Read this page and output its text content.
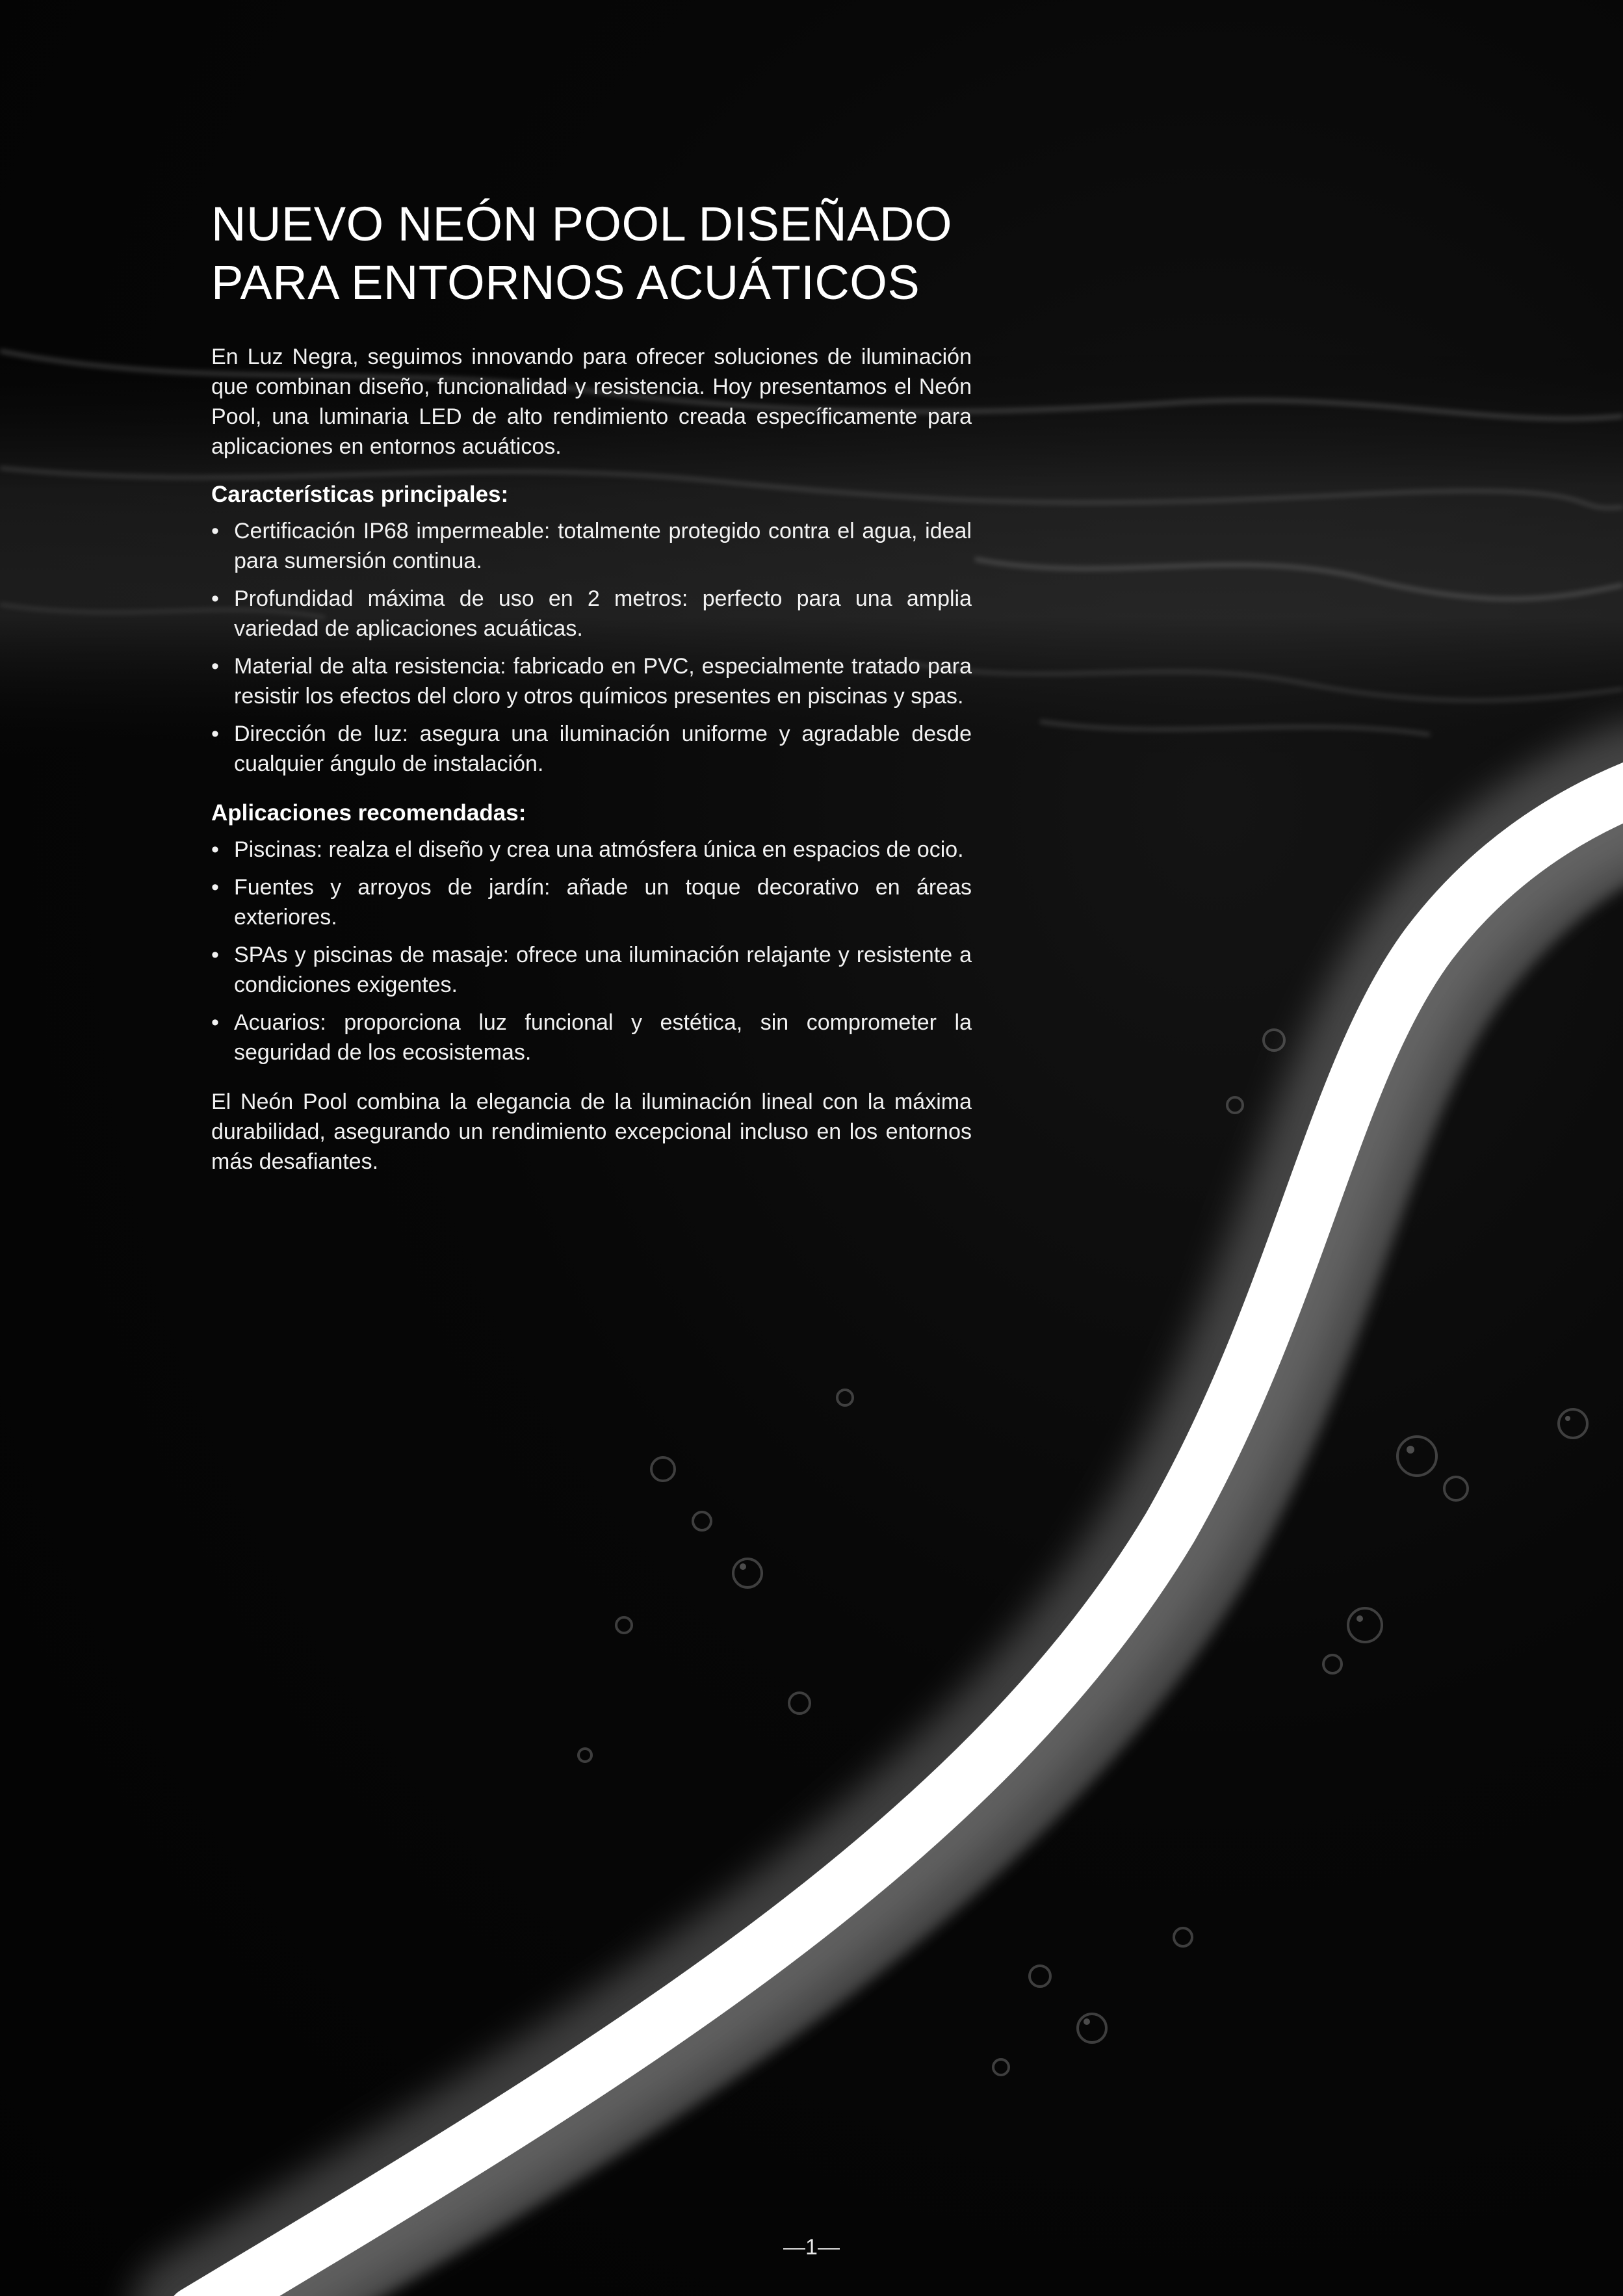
NUEVO NEÓN POOL DISEÑADO
PARA ENTORNOS ACUÁTICOS

En Luz Negra, seguimos innovando para ofrecer soluciones de iluminación que combinan diseño, funcionalidad y resistencia. Hoy presentamos el Neón Pool, una luminaria LED de alto rendimiento creada específicamente para aplicaciones en entornos acuáticos.

Características principales:
• Certificación IP68 impermeable: totalmente protegido contra el agua, ideal para sumersión continua.
• Profundidad máxima de uso en 2 metros: perfecto para una amplia variedad de aplicaciones acuáticas.
• Material de alta resistencia: fabricado en PVC, especialmente tratado para resistir los efectos del cloro y otros químicos presentes en piscinas y spas.
• Dirección de luz: asegura una iluminación uniforme y agradable desde cualquier ángulo de instalación.
Aplicaciones recomendadas:
• Piscinas: realza el diseño y crea una atmósfera única en espacios de ocio.
• Fuentes y arroyos de jardín: añade un toque decorativo en áreas exteriores.
• SPAs y piscinas de masaje: ofrece una iluminación relajante y resistente a condiciones exigentes.
• Acuarios: proporciona luz funcional y estética, sin comprometer la seguridad de los ecosistemas.

El Neón Pool combina la elegancia de la iluminación lineal con la máxima durabilidad, asegurando un rendimiento excepcional incluso en los entornos más desafiantes.

—1—
